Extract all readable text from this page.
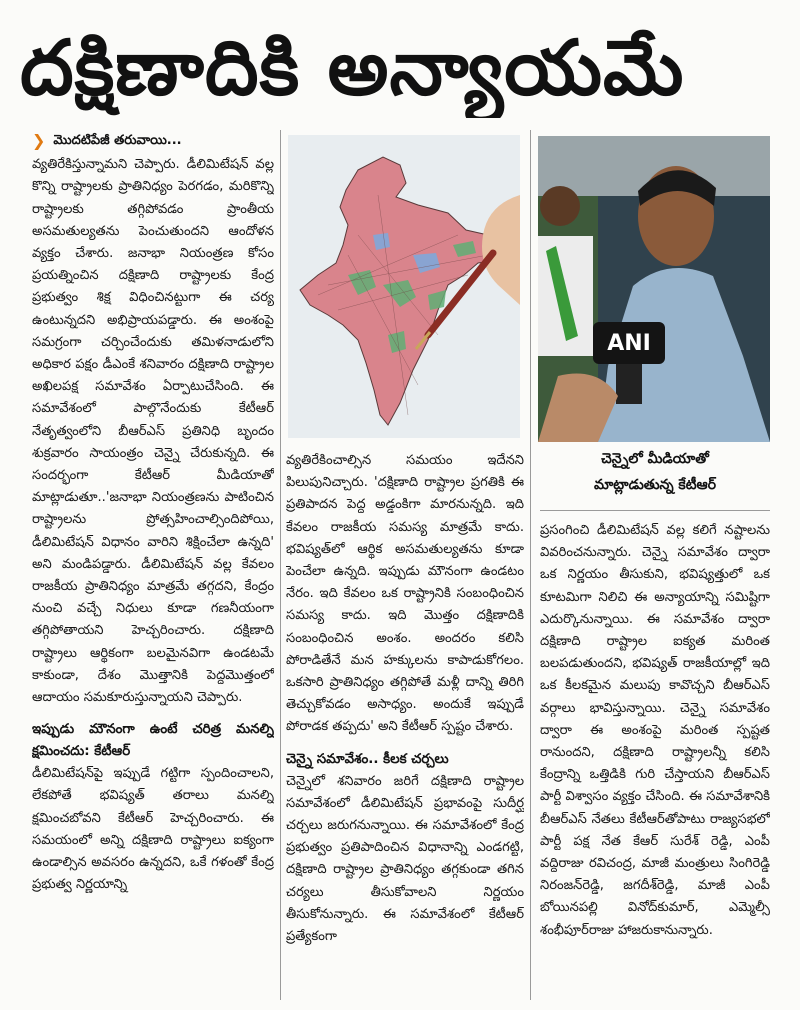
దక్షిణాదికి అన్యాయమే
❯ మొదటిపేజీ తరువాయి...

వ్యతిరేకిస్తున్నామని చెప్పారు. డీలిమిటేషన్ వల్ల కొన్ని రాష్ట్రాలకు ప్రాతినిధ్యం పెరగడం, మరికొన్ని రాష్ట్రాలకు తగ్గిపోవడం ప్రాంతీయ అసమతుల్యతను పెంచుతుందని ఆందోళన వ్యక్తం చేశారు. జనాభా నియంత్రణ కోసం ప్రయత్నించిన దక్షిణాది రాష్ట్రాలకు కేంద్ర ప్రభుత్వం శిక్ష విధించినట్టుగా ఈ చర్య ఉంటున్నదని అభిప్రాయపడ్డారు. ఈ అంశంపై సమగ్రంగా చర్చించేందుకు తమిళనాడులోని అధికార పక్షం డీఎంకే శనివారం దక్షిణాది రాష్ట్రాల అఖిలపక్ష సమావేశం ఏర్పాటుచేసింది. ఈ సమావేశంలో పాల్గొనేందుకు కేటీఆర్ నేతృత్వంలోని బీఆర్ఎస్ ప్రతినిధి బృందం శుక్రవారం సాయంత్రం చెన్నై చేరుకున్నది. ఈ సందర్భంగా కేటీఆర్ మీడియాతో మాట్లాడుతూ..'జనాభా నియంత్రణను పాటించిన రాష్ట్రాలను ప్రోత్సహించాల్సిందిపోయి, డీలిమిటేషన్ విధానం వారిని శిక్షించేలా ఉన్నది' అని మండిపడ్డారు. డీలిమిటేషన్ వల్ల కేవలం రాజకీయ ప్రాతినిధ్యం మాత్రమే తగ్గదని, కేంద్రం నుంచి వచ్చే నిధులు కూడా గణనీయంగా తగ్గిపోతాయని హెచ్చరించారు. దక్షిణాది రాష్ట్రాలు ఆర్థికంగా బలమైనవిగా ఉండటమే కాకుండా, దేశం మొత్తానికి పెద్దమొత్తంలో ఆదాయం సమకూరుస్తున్నాయని చెప్పారు.

ఇప్పుడు మౌనంగా ఉంటే చరిత్ర మనల్ని క్షమించదు: కేటీఆర్

డీలిమిటేషన్‌పై ఇప్పుడే గట్టిగా స్పందించాలని, లేకపోతే భవిష్యత్ తరాలు మనల్ని క్షమించబోవని కేటీఆర్ హెచ్చరించారు. ఈ సమయంలో అన్ని దక్షిణాది రాష్ట్రాలు ఐక్యంగా ఉండాల్సిన అవసరం ఉన్నదని, ఒకే గళంతో కేంద్ర ప్రభుత్వ నిర్ణయాన్ని

ANI
చెన్నైలో మీడియాతో
మాట్లాడుతున్న కేటీఆర్

వ్యతిరేకించాల్సిన సమయం ఇదేనని పిలుపునిచ్చారు. 'దక్షిణాది రాష్ట్రాల ప్రగతికి ఈ ప్రతిపాదన పెద్ద అడ్డంకిగా మారనున్నది. ఇది కేవలం రాజకీయ సమస్య మాత్రమే కాదు. భవిష్యత్‌లో ఆర్థిక అసమతుల్యతను కూడా పెంచేలా ఉన్నది. ఇప్పుడు మౌనంగా ఉండటం నేరం. ఇది కేవలం ఒక రాష్ట్రానికి సంబంధించిన సమస్య కాదు. ఇది మొత్తం దక్షిణాదికి సంబంధించిన అంశం. అందరం కలిసి పోరాడితేనే మన హక్కులను కాపాడుకోగలం. ఒకసారి ప్రాతినిధ్యం తగ్గిపోతే మళ్లీ దాన్ని తిరిగి తెచ్చుకోవడం అసాధ్యం. అందుకే ఇప్పుడే పోరాడక తప్పదు' అని కేటీఆర్ స్పష్టం చేశారు.

చెన్నై సమావేశం.. కీలక చర్చలు

చెన్నైలో శనివారం జరిగే దక్షిణాది రాష్ట్రాల సమావేశంలో డీలిమిటేషన్ ప్రభావంపై సుదీర్ఘ చర్చలు జరుగనున్నాయి. ఈ సమావేశంలో కేంద్ర ప్రభుత్వం ప్రతిపాదించిన విధానాన్ని ఎండగట్టి, దక్షిణాది రాష్ట్రాల ప్రాతినిధ్యం తగ్గకుండా తగిన చర్యలు తీసుకోవాలని నిర్ణయం తీసుకోనున్నారు. ఈ సమావేశంలో కేటీఆర్ ప్రత్యేకంగా

ప్రసంగించి డీలిమిటేషన్ వల్ల కలిగే నష్టాలను వివరించనున్నారు. చెన్నై సమావేశం ద్వారా ఒక నిర్ణయం తీసుకుని, భవిష్యత్తులో ఒక కూటమిగా నిలిచి ఈ అన్యాయాన్ని సమిష్టిగా ఎదుర్కొనున్నాయి. ఈ సమావేశం ద్వారా దక్షిణాది రాష్ట్రాల ఐక్యత మరింత బలపడుతుందని, భవిష్యత్ రాజకీయాల్లో ఇది ఒక కీలకమైన మలుపు కావొచ్చని బీఆర్ఎస్ వర్గాలు భావిస్తున్నాయి. చెన్నై సమావేశం ద్వారా ఈ అంశంపై మరింత స్పష్టత రానుందని, దక్షిణాది రాష్ట్రాలన్నీ కలిసి కేంద్రాన్ని ఒత్తిడికి గురి చేస్తాయని బీఆర్ఎస్ పార్టీ విశ్వాసం వ్యక్తం చేసింది. ఈ సమావేశానికి బీఆర్ఎస్ నేతలు కేటీఆర్‌తోపాటు రాజ్యసభలో పార్టీ పక్ష నేత కేఆర్ సురేశ్ రెడ్డి, ఎంపీ వద్దిరాజు రవిచంద్ర, మాజీ మంత్రులు సింగిరెడ్డి నిరంజన్‌రెడ్డి, జగదీశ్‌రెడ్డి, మాజీ ఎంపీ బోయినపల్లి వినోద్‌కుమార్, ఎమ్మెల్సీ శంభీపూర్‌రాజు హాజరుకానున్నారు.
